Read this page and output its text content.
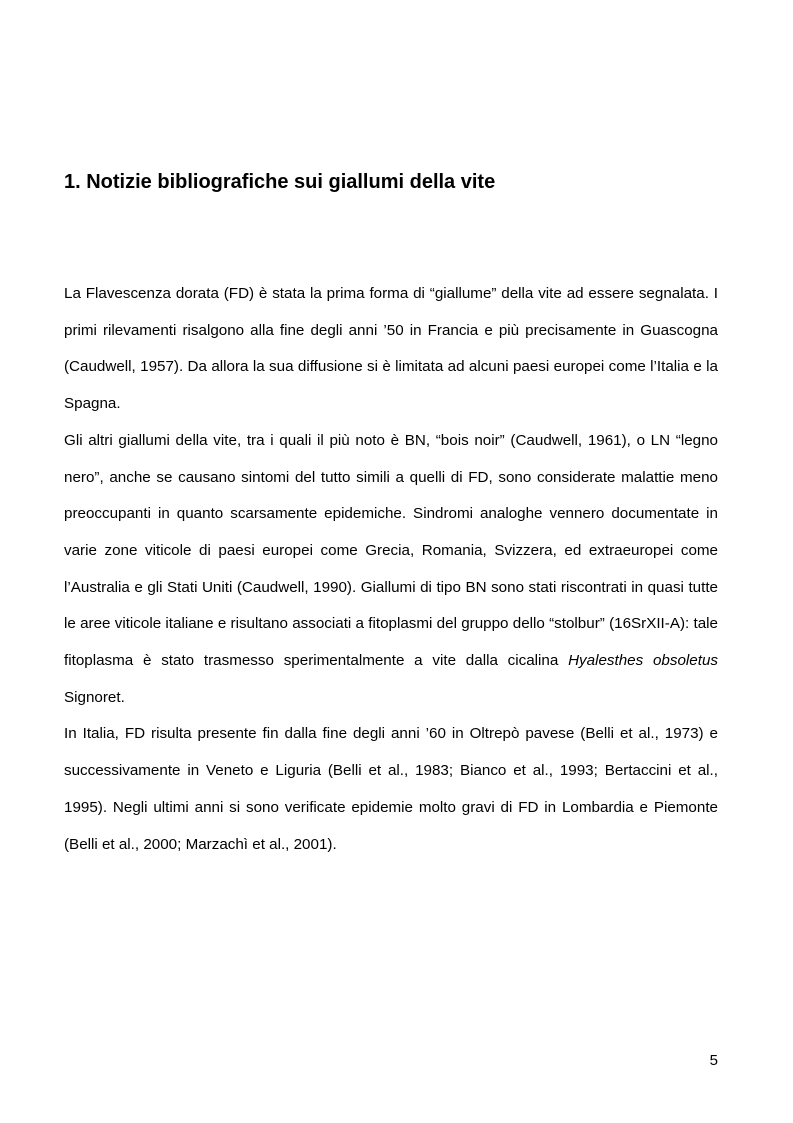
1. Notizie bibliografiche sui giallumi della vite

La Flavescenza dorata (FD) è stata la prima forma di “giallume” della vite ad essere segnalata. I primi rilevamenti risalgono alla fine degli anni ’50 in Francia e più precisamente in Guascogna (Caudwell, 1957). Da allora la sua diffusione si è limitata ad alcuni paesi europei come l’Italia e la Spagna.

Gli altri giallumi della vite, tra i quali il più noto è BN, “bois noir” (Caudwell, 1961), o LN “legno nero”, anche se causano sintomi del tutto simili a quelli di FD, sono considerate malattie meno preoccupanti in quanto scarsamente epidemiche. Sindromi analoghe vennero documentate in varie zone viticole di paesi europei come Grecia, Romania, Svizzera, ed extraeuropei come l’Australia e gli Stati Uniti (Caudwell, 1990). Giallumi di tipo BN sono stati riscontrati in quasi tutte le aree viticole italiane e risultano associati a fitoplasmi del gruppo dello “stolbur” (16SrXII-A): tale fitoplasma è stato trasmesso sperimentalmente a vite dalla cicalina Hyalesthes obsoletus Signoret.

In Italia, FD risulta presente fin dalla fine degli anni ’60 in Oltrepò pavese (Belli et al., 1973) e successivamente in Veneto e Liguria (Belli et al., 1983; Bianco et al., 1993; Bertaccini et al., 1995). Negli ultimi anni si sono verificate epidemie molto gravi di FD in Lombardia e Piemonte (Belli et al., 2000; Marzachì et al., 2001).

5
